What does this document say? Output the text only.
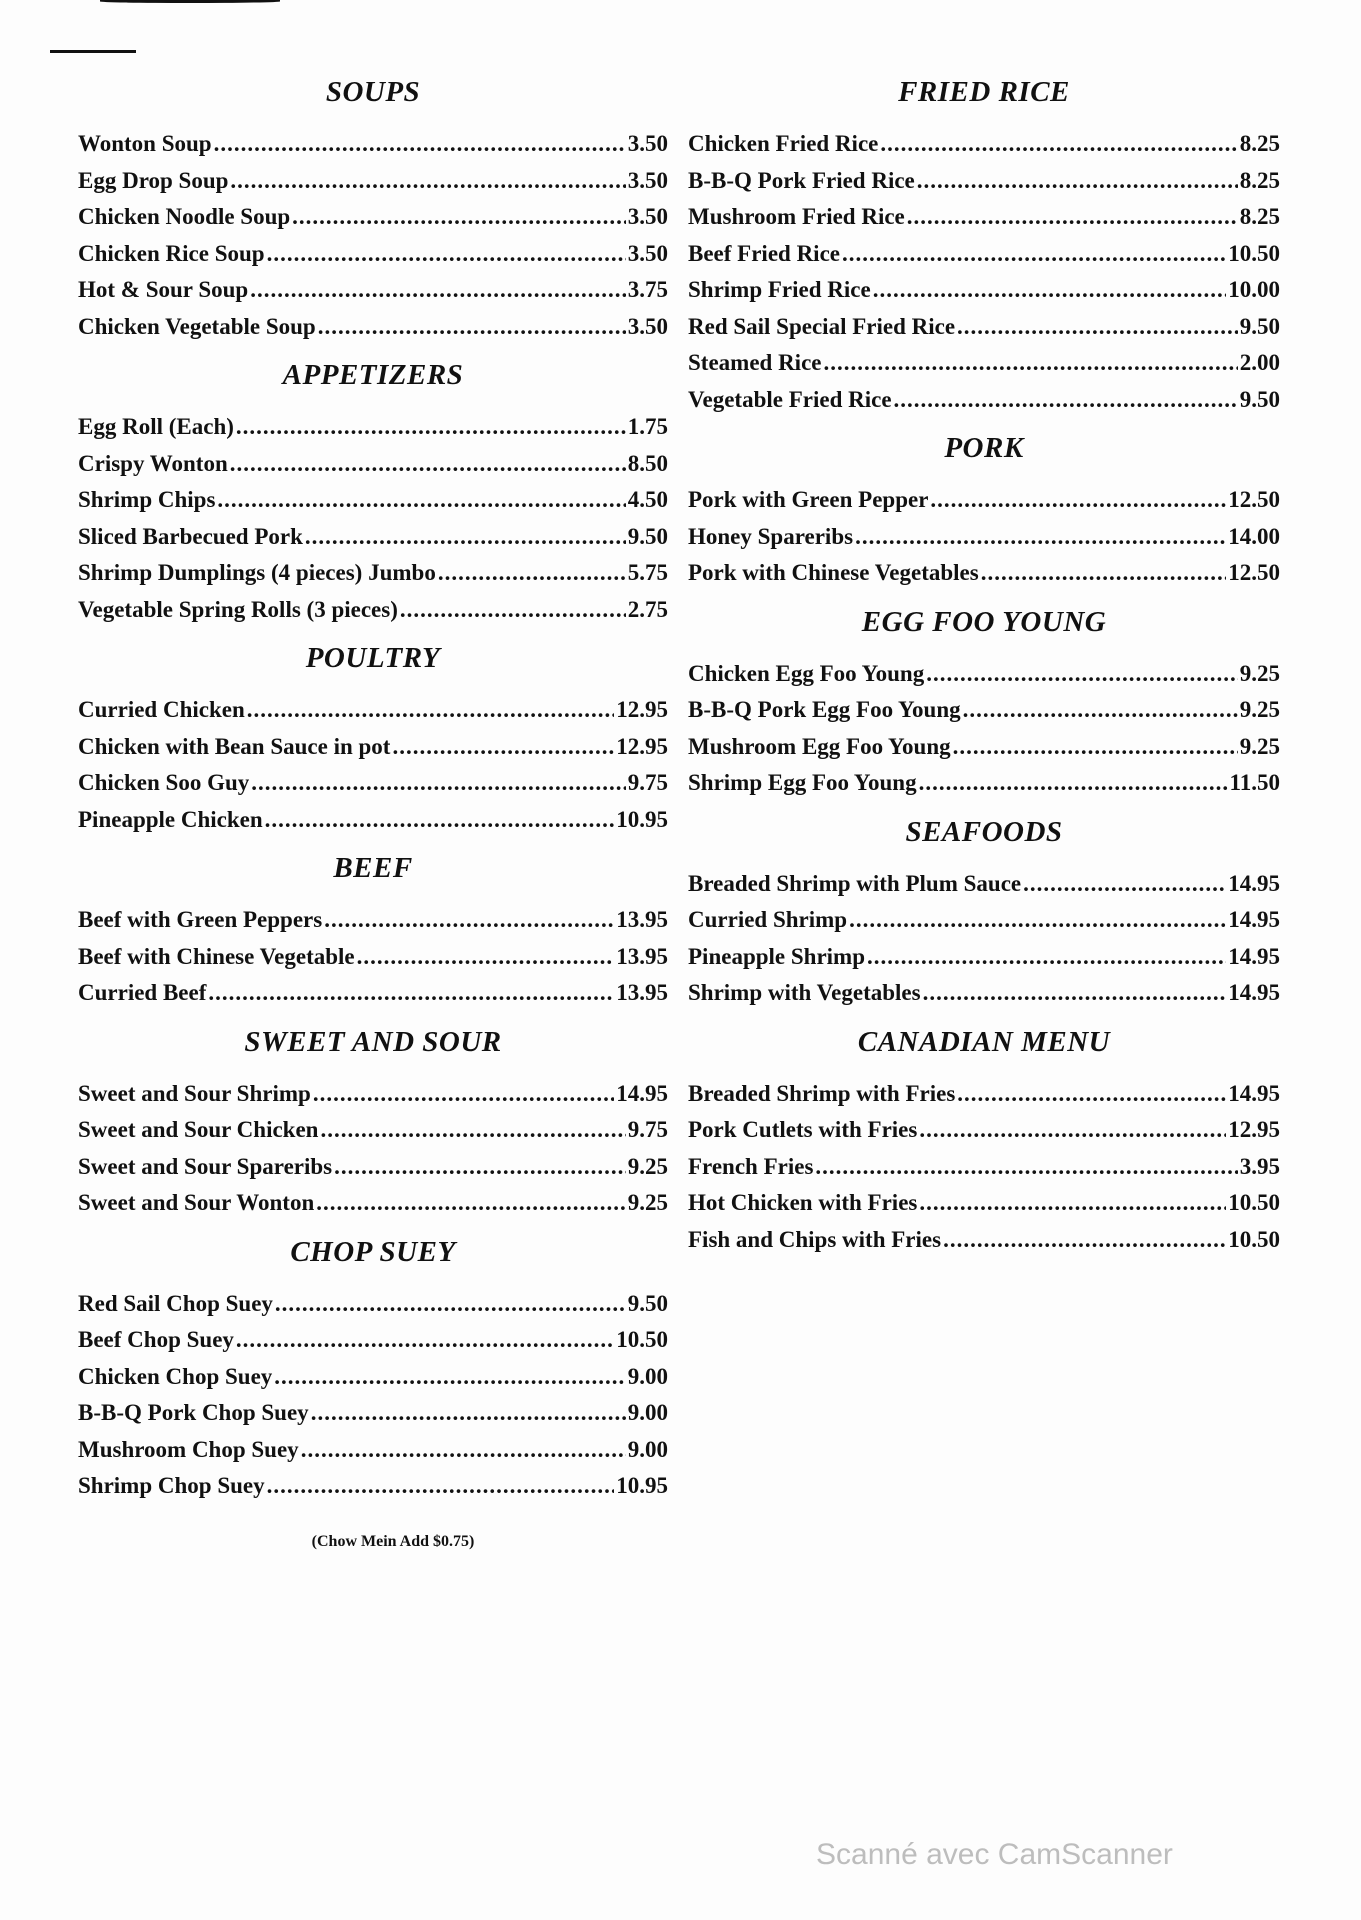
SOUPS
Wonton Soup .....	3.50
Egg Drop Soup .....	3.50
Chicken Noodle Soup .....	3.50
Chicken Rice Soup .....	3.50
Hot & Sour Soup .....	3.75
Chicken Vegetable Soup .....	3.50
APPETIZERS
Egg Roll (Each) .....	1.75
Crispy Wonton .....	8.50
Shrimp Chips .....	4.50
Sliced Barbecued Pork .....	9.50
Shrimp Dumplings (4 pieces) Jumbo .....	5.75
Vegetable Spring Rolls (3 pieces) .....	2.75
POULTRY
Curried Chicken .....	12.95
Chicken with Bean Sauce in pot .....	12.95
Chicken Soo Guy .....	9.75
Pineapple Chicken .....	10.95
BEEF
Beef with Green Peppers .....	13.95
Beef with Chinese Vegetable .....	13.95
Curried Beef .....	13.95
SWEET AND SOUR
Sweet and Sour Shrimp .....	14.95
Sweet and Sour Chicken .....	9.75
Sweet and Sour Spareribs .....	9.25
Sweet and Sour Wonton .....	9.25
CHOP SUEY
Red Sail Chop Suey .....	9.50
Beef Chop Suey .....	10.50
Chicken Chop Suey .....	9.00
B-B-Q Pork Chop Suey .....	9.00
Mushroom Chop Suey .....	9.00
Shrimp Chop Suey .....	10.95
(Chow Mein Add $0.75)
FRIED RICE
Chicken Fried Rice .....	8.25
B-B-Q Pork Fried Rice .....	8.25
Mushroom Fried Rice .....	8.25
Beef Fried Rice .....	10.50
Shrimp Fried Rice .....	10.00
Red Sail Special Fried Rice .....	9.50
Steamed Rice .....	2.00
Vegetable Fried Rice .....	9.50
PORK
Pork with Green Pepper .....	12.50
Honey Spareribs .....	14.00
Pork with Chinese Vegetables .....	12.50
EGG FOO YOUNG
Chicken Egg Foo Young .....	9.25
B-B-Q Pork Egg Foo Young .....	9.25
Mushroom Egg Foo Young .....	9.25
Shrimp Egg Foo Young .....	11.50
SEAFOODS
Breaded Shrimp with Plum Sauce .....	14.95
Curried Shrimp .....	14.95
Pineapple Shrimp .....	14.95
Shrimp with Vegetables .....	14.95
CANADIAN MENU
Breaded Shrimp with Fries .....	14.95
Pork Cutlets with Fries .....	12.95
French Fries .....	3.95
Hot Chicken with Fries .....	10.50
Fish and Chips with Fries .....	10.50
Scanné avec CamScanner
